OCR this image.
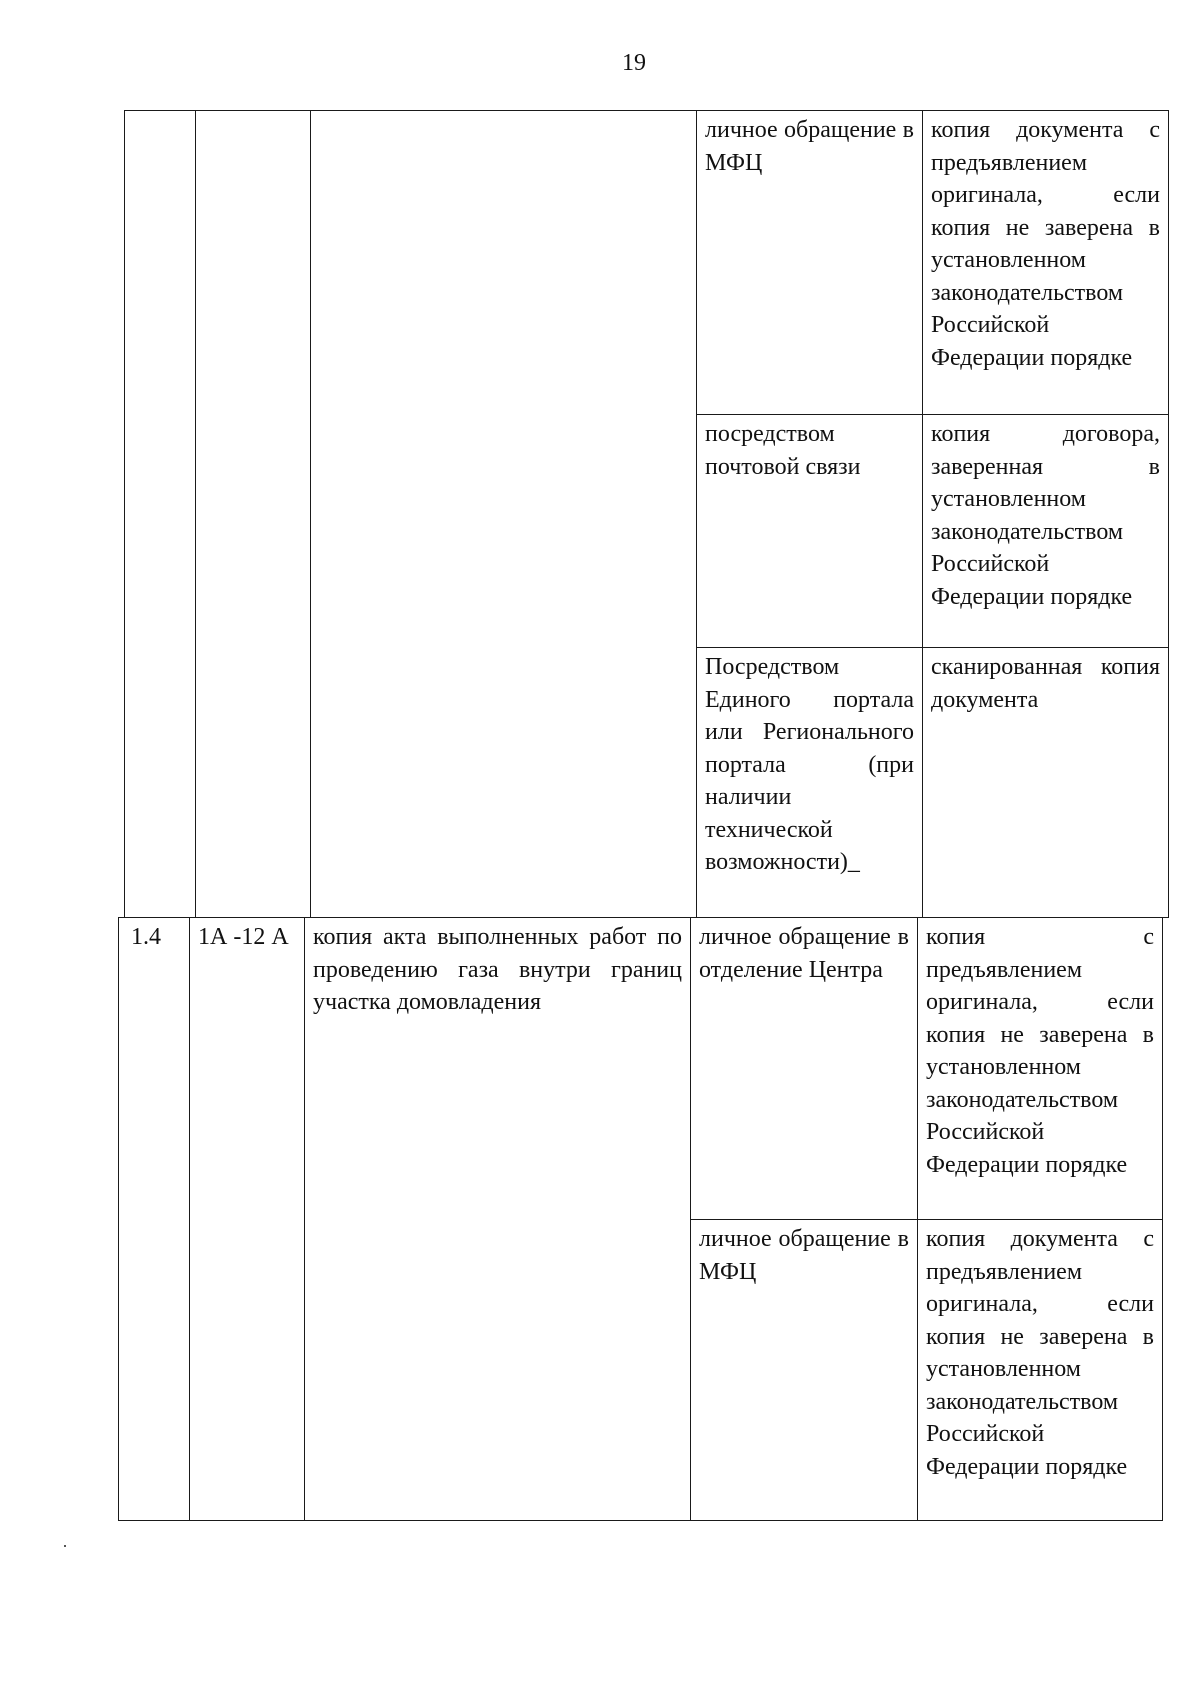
19
			личное обращение в МФЦ	копия документа с предъявлением оригинала, если копия не заверена в установленном законодательством Российской Федерации порядке
			посредством почтовой связи	копия договора, заверенная в установленном законодательством Российской Федерации порядке
			Посредством Единого портала или Регионального портала (при наличии технической возможности)_	сканированная копия документа
1.4	1А -12 А	копия акта выполненных работ по проведению газа внутри границ участка домовладения	личное обращение в отделение Центра	копия с предъявлением оригинала, если копия не заверена в установленном законодательством Российской Федерации порядке
			личное обращение в МФЦ	копия документа с предъявлением оригинала, если копия не заверена в установленном законодательством Российской Федерации порядке
